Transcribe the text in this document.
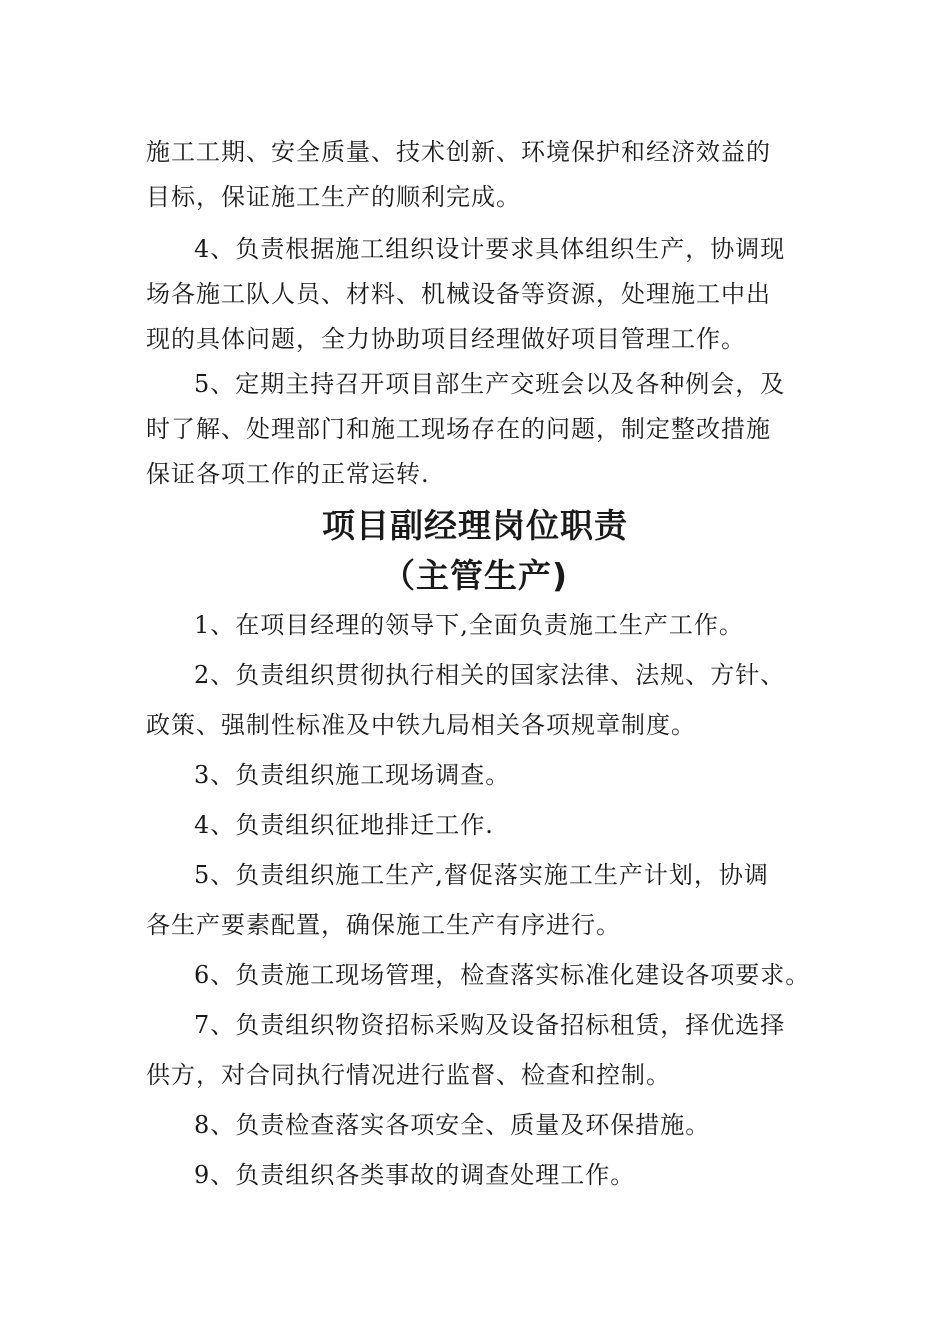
施工工期、安全质量、技术创新、环境保护和经济效益的
目标，保证施工生产的顺利完成。

4、负责根据施工组织设计要求具体组织生产，协调现
场各施工队人员、材料、机械设备等资源，处理施工中出
现的具体问题，全力协助项目经理做好项目管理工作。

5、定期主持召开项目部生产交班会以及各种例会，及
时了解、处理部门和施工现场存在的问题，制定整改措施
保证各项工作的正常运转.

项目副经理岗位职责
（主管生产)

1、在项目经理的领导下,全面负责施工生产工作。

2、负责组织贯彻执行相关的国家法律、法规、方针、
政策、强制性标准及中铁九局相关各项规章制度。

3、负责组织施工现场调查。

4、负责组织征地排迁工作.

5、负责组织施工生产,督促落实施工生产计划，协调
各生产要素配置，确保施工生产有序进行。

6、负责施工现场管理，检查落实标准化建设各项要求。

7、负责组织物资招标采购及设备招标租赁，择优选择
供方，对合同执行情况进行监督、检查和控制。

8、负责检查落实各项安全、质量及环保措施。

9、负责组织各类事故的调查处理工作。
